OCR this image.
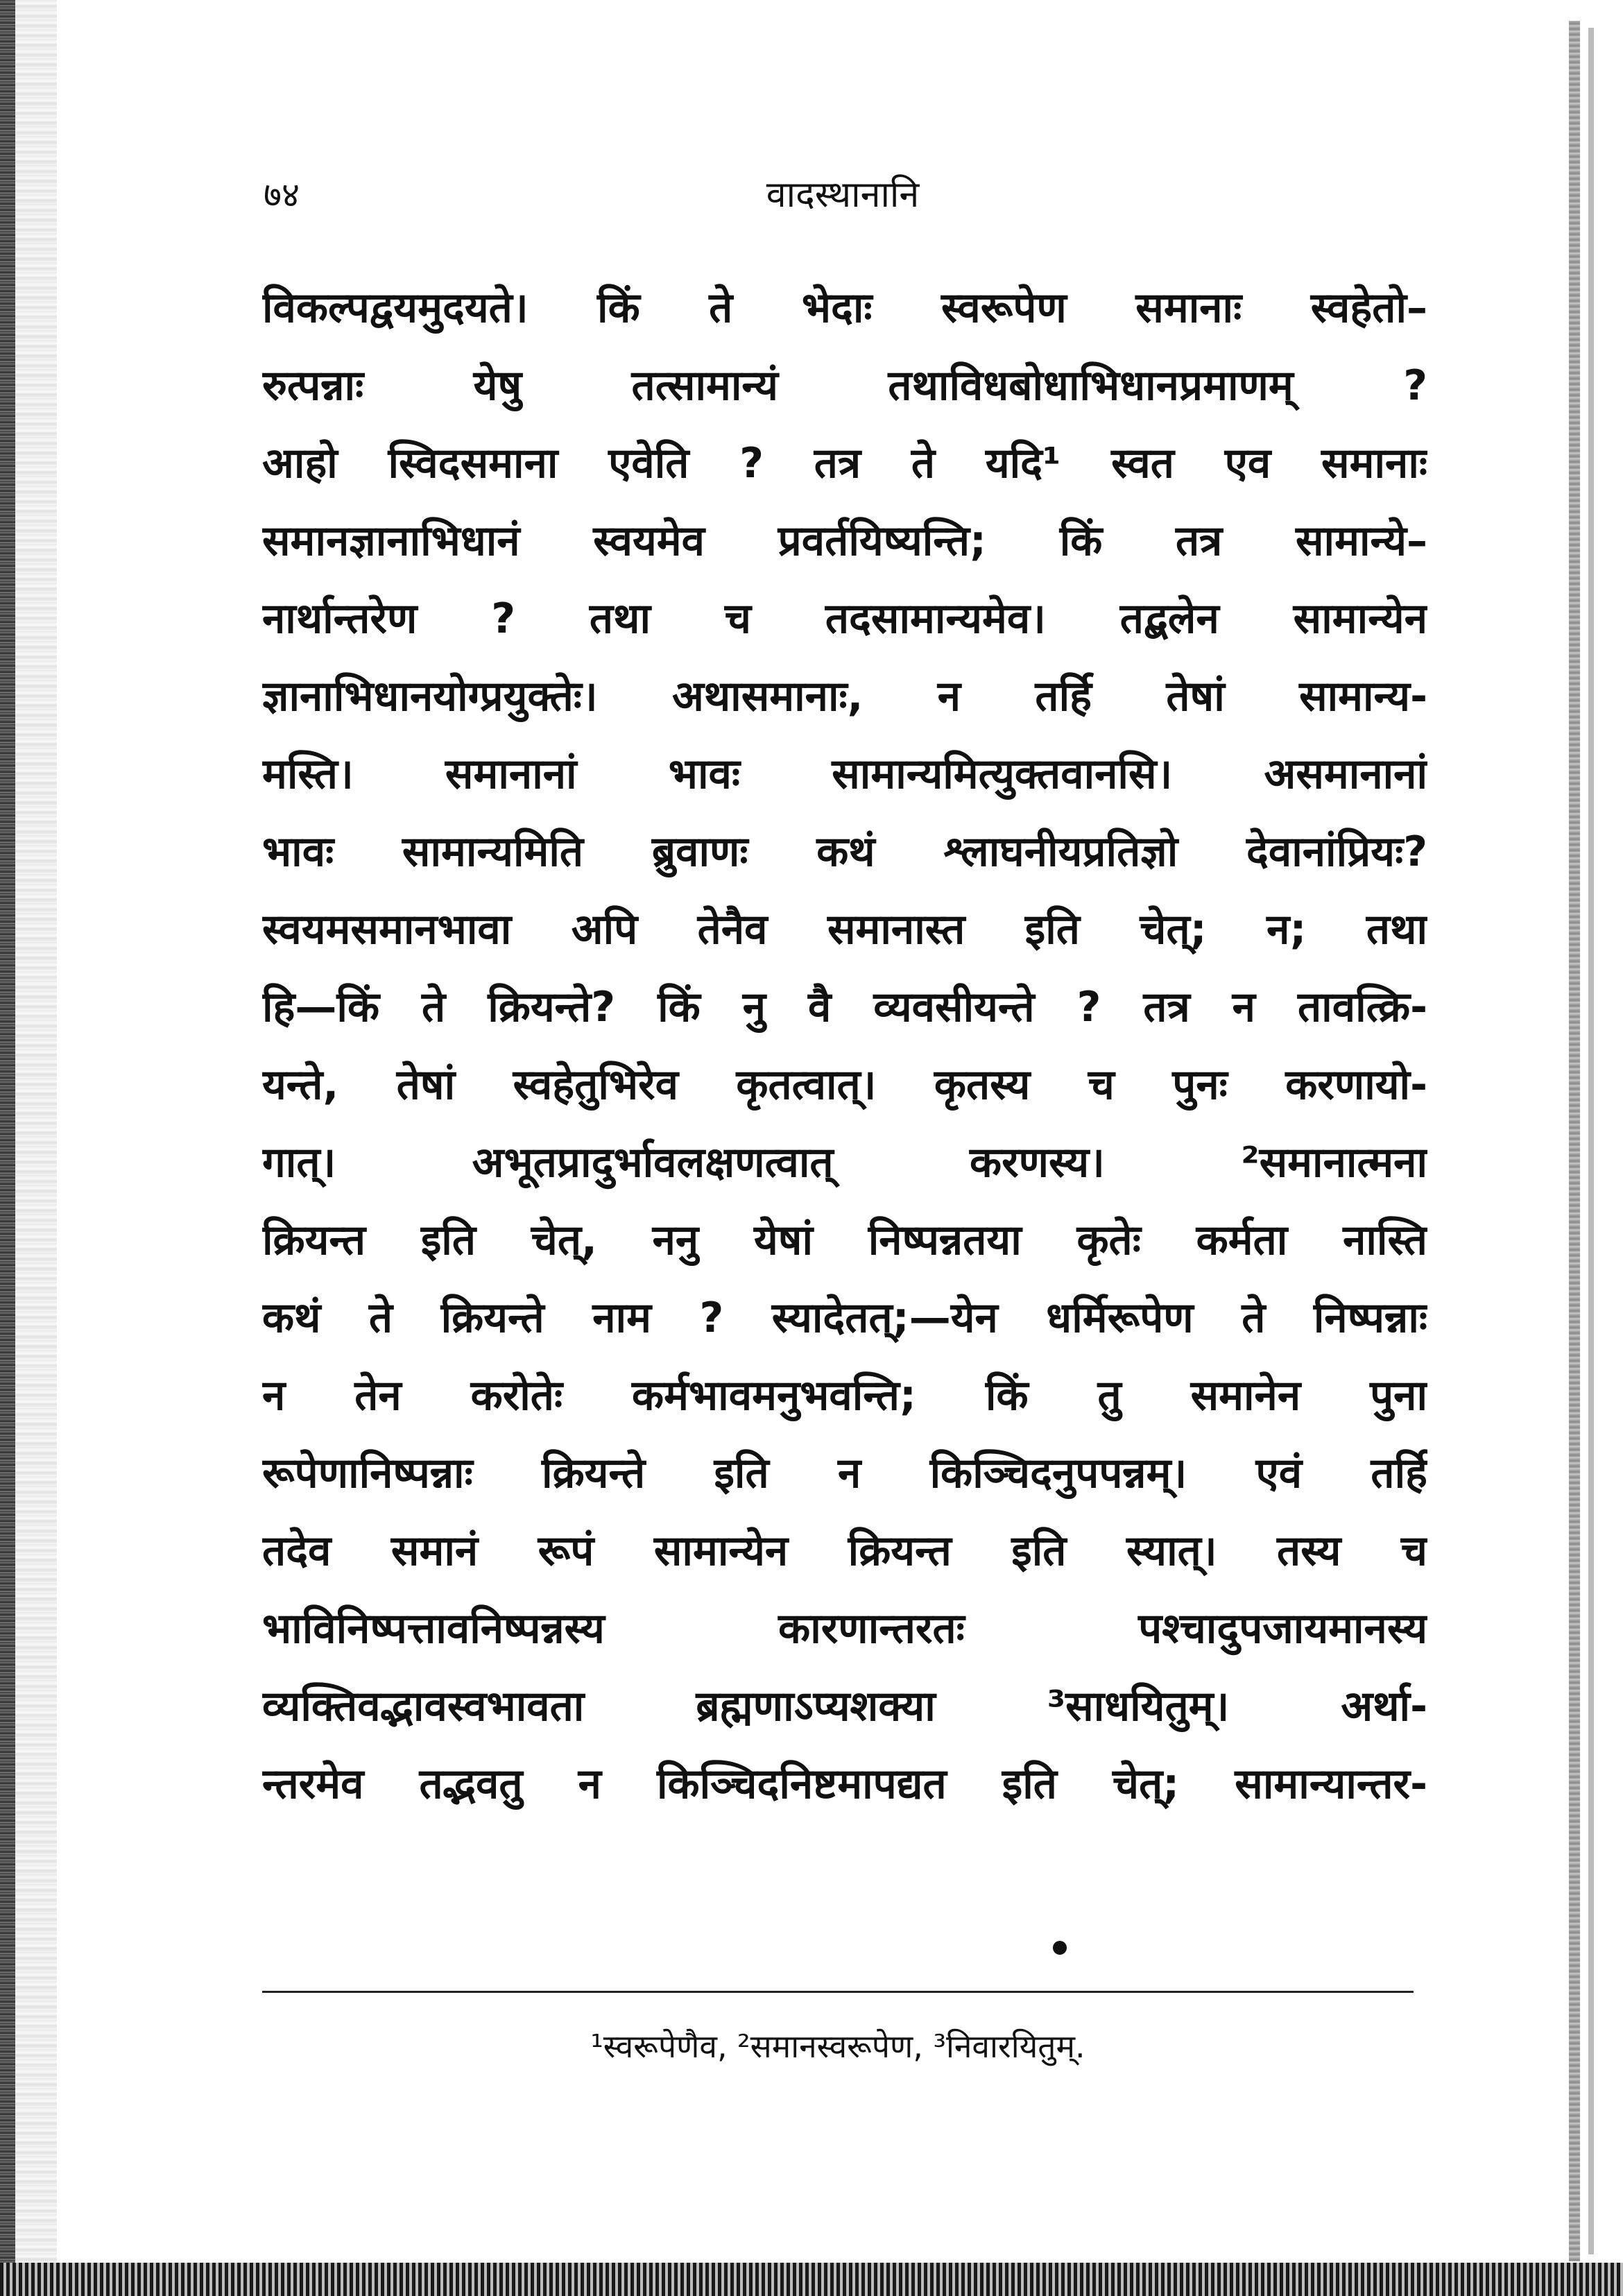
७४	वादस्थानानि
विकल्पद्वयमुदयते। किं ते भेदाः स्वरूपेण समानाः स्वहेतो–
रुत्पन्नाः येषु तत्सामान्यं तथाविधबोधाभिधानप्रमाणम् ?
आहो स्विदसमाना एवेति ? तत्र ते यदि¹ स्वत एव समानाः
समानज्ञानाभिधानं स्वयमेव प्रवर्तयिष्यन्ति; किं तत्र सामान्ये–
नार्थान्तरेण ? तथा च तदसामान्यमेव। तद्बलेन सामान्येन
ज्ञानाभिधानयोग्प्रयुक्तेः। अथासमानाः, न तर्हि तेषां सामान्य-
मस्ति। समानानां भावः सामान्यमित्युक्तवानसि। असमानानां
भावः सामान्यमिति ब्रुवाणः कथं श्लाघनीयप्रतिज्ञो देवानांप्रियः?
स्वयमसमानभावा अपि तेनैव समानास्त इति चेत्; न; तथा
हि—किं ते क्रियन्ते? किं नु वै व्यवसीयन्ते ? तत्र न तावत्क्रि-
यन्ते, तेषां स्वहेतुभिरेव कृतत्वात्। कृतस्य च पुनः करणायो-
गात्। अभूतप्रादुर्भावलक्षणत्वात् करणस्य। ²समानात्मना
क्रियन्त इति चेत्, ननु येषां निष्पन्नतया कृतेः कर्मता नास्ति
कथं ते क्रियन्ते नाम ? स्यादेतत्;—येन धर्मिरूपेण ते निष्पन्नाः
न तेन करोतेः कर्मभावमनुभवन्ति; किं तु समानेन पुना
रूपेणानिष्पन्नाः क्रियन्ते इति न किञ्चिदनुपपन्नम्। एवं तर्हि
तदेव समानं रूपं सामान्येन क्रियन्त इति स्यात्। तस्य च
भाविनिष्पत्तावनिष्पन्नस्य कारणान्तरतः पश्चादुपजायमानस्य
व्यक्तिवद्भावस्वभावता ब्रह्मणाऽप्यशक्या ³साधयितुम्। अर्था-
न्तरमेव तद्भवतु न किञ्चिदनिष्टमापद्यत इति चेत्; सामान्यान्तर-
¹स्वरूपेणैव, ²समानस्वरूपेण, ³निवारयितुम्.
